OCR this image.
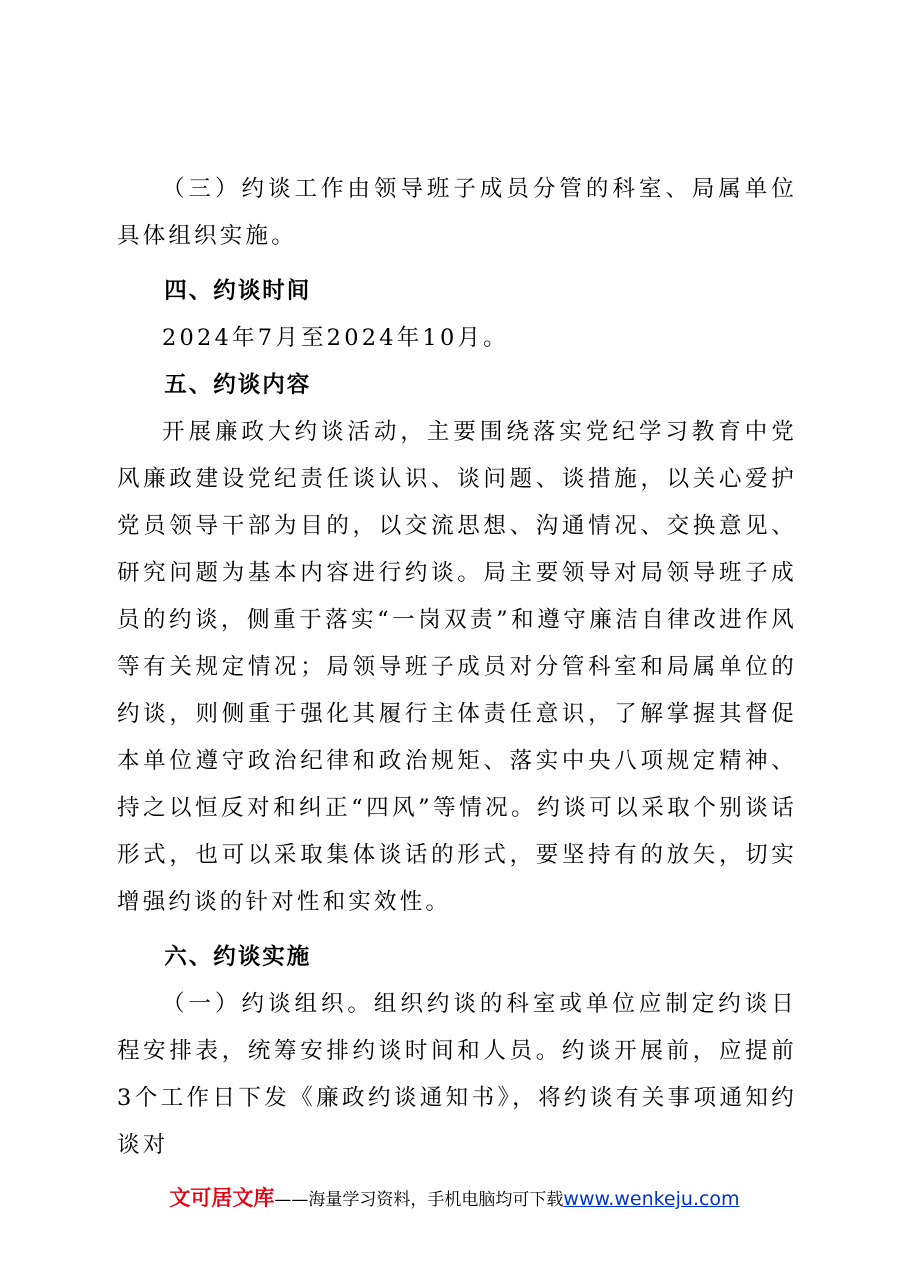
（三）约谈工作由领导班子成员分管的科室、局属单位具体组织实施。

四、约谈时间

2024年7月至2024年10月。

五、约谈内容

开展廉政大约谈活动，主要围绕落实党纪学习教育中党风廉政建设党纪责任谈认识、谈问题、谈措施，以关心爱护党员领导干部为目的，以交流思想、沟通情况、交换意见、研究问题为基本内容进行约谈。局主要领导对局领导班子成员的约谈，侧重于落实“一岗双责”和遵守廉洁自律改进作风等有关规定情况；局领导班子成员对分管科室和局属单位的约谈，则侧重于强化其履行主体责任意识，了解掌握其督促本单位遵守政治纪律和政治规矩、落实中央八项规定精神、持之以恒反对和纠正“四风”等情况。约谈可以采取个别谈话形式，也可以采取集体谈话的形式，要坚持有的放矢，切实增强约谈的针对性和实效性。

六、约谈实施

（一）约谈组织。组织约谈的科室或单位应制定约谈日程安排表，统筹安排约谈时间和人员。约谈开展前，应提前3个工作日下发《廉政约谈通知书》，将约谈有关事项通知约谈对

文可居文库——海量学习资料，手机电脑均可下载www.wenkeju.com
